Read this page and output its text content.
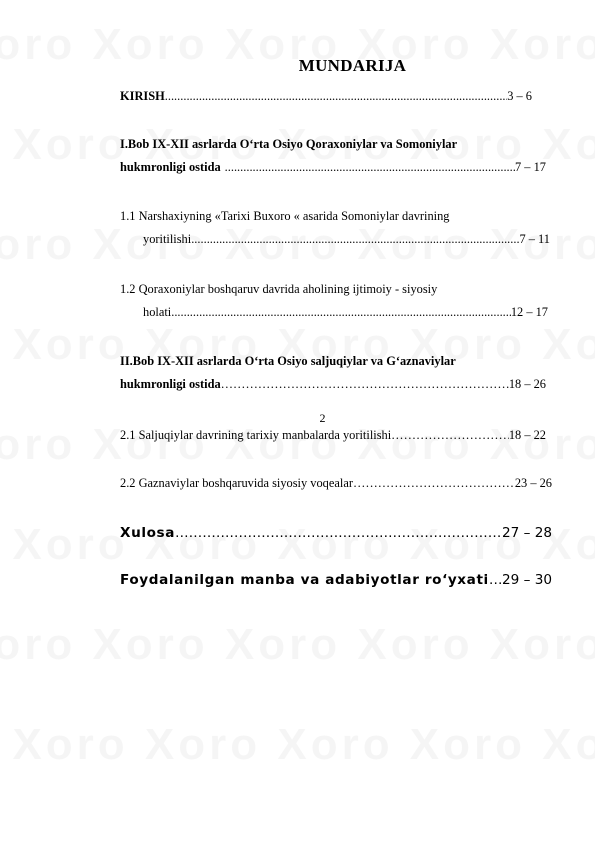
MUNDARIJA
KIRISH .....	3 – 6
I.Bob IX-XII asrlarda O‘rta Osiyo Qoraxoniylar va Somoniylar
hukmronligi ostida .....	7 – 17
1.1 Narshaxiyning «Tarixi Buxoro « asarida Somoniylar davrining
yoritilishi .....	7 – 11
1.2 Qoraxoniylar boshqaruv davrida aholining ijtimoiy - siyosiy
holati .....	12 – 17
II.Bob IX-XII asrlarda O‘rta Osiyo saljuqiylar va G‘aznaviylar
hukmronligi ostida ………………………………………………………………………………………………………………	18 – 26
2.1 Saljuqiylar davrining tarixiy manbalarda yoritilishi ………………………………………………………………………………………………………………	18 – 22
2.2 Gaznaviylar boshqaruvida siyosiy voqealar ………………………………………………………………………………………………………………	23 – 26
Xulosa ………………………………………………………………………………………………………………	27 – 28
Foydalanilgan manba va adabiyotlar ro‘yxati ……………………………………………………………………………………………………………… 29 – 30
2
